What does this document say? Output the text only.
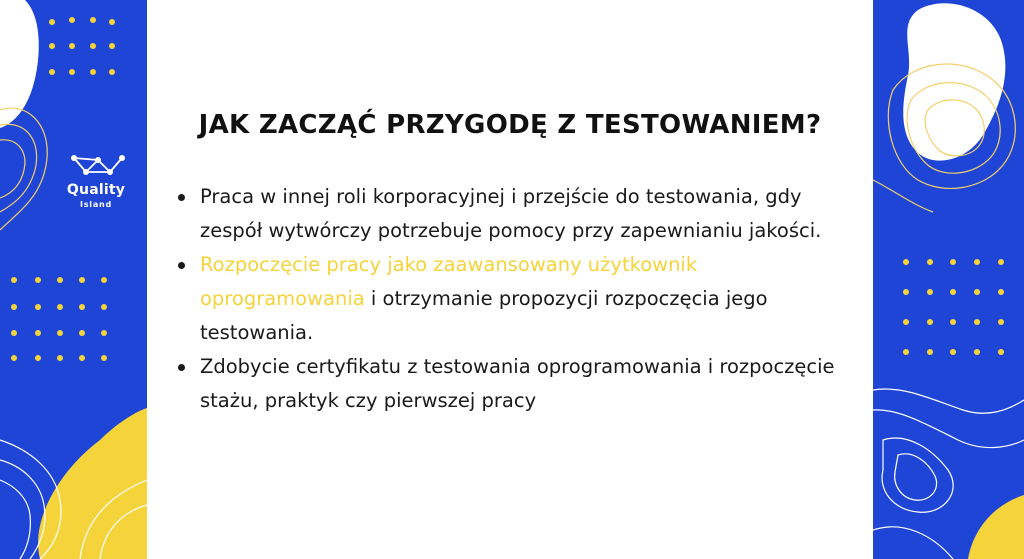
Quality
Island
JAK ZACZĄĆ PRZYGODĘ Z TESTOWANIEM?
Praca w innej roli korporacyjnej i przejście do testowania, gdy zespół wytwórczy potrzebuje pomocy przy zapewnianiu jakości.
Rozpoczęcie pracy jako zaawansowany użytkownik oprogramowania i otrzymanie propozycji rozpoczęcia jego testowania.
Zdobycie certyfikatu z testowania oprogramowania i rozpoczęcie stażu, praktyk czy pierwszej pracy
